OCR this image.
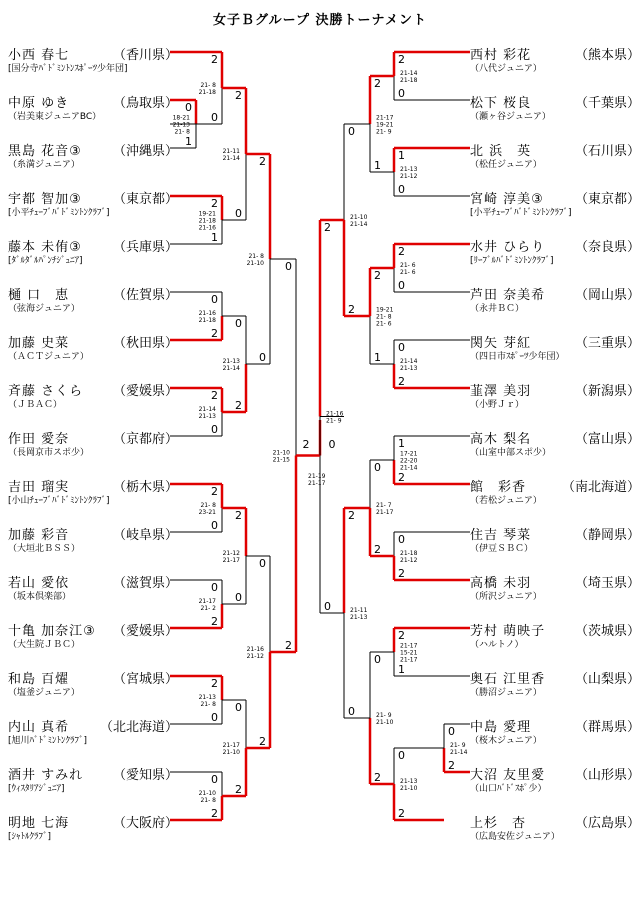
女子Ｂグループ 決勝トーナメント
小西 春七	（香川県）
[国分寺ﾊﾞﾄﾞﾐﾝﾄﾝｽﾎﾟｰﾂ少年団]
中原 ゆき	（鳥取県）
（岩美東ジュニアBC）
黒島 花音③ （沖縄県）
（糸満ジュニア）
宇都 智加③ （東京都）
[小平ﾁｭｰﾌﾞﾊﾞﾄﾞﾐﾝﾄﾝｸﾗﾌﾞ]
藤本 未侑③ （兵庫県）
[ﾀﾞﾙﾀﾞﾙﾊﾟﾝﾁｼﾞｭﾆｱ]
樋 口　恵	（佐賀県）
（弦海ジュニア）
加藤 史菜	（秋田県）
（ＡＣＴジュニア）
斉藤 さくら （愛媛県）
（ＪＢＡＣ）
作田 愛奈	（京都府）
（長岡京市スポ少）
吉田 瑠実	（栃木県）
[小山ﾁｭｰﾌﾞﾊﾞﾄﾞﾐﾝﾄﾝｸﾗﾌﾞ]
加藤 彩音	（岐阜県）
（大垣北ＢＳＳ）
若山 愛依	（滋賀県）
（坂本倶楽部）
十亀 加奈江③ （愛媛県）
（大生院ＪＢＣ）
和島 百燿	（宮城県）
（塩釜ジュニア）
内山 真希 （北北海道）
[旭川ﾊﾞﾄﾞﾐﾝﾄﾝｸﾗﾌﾞ]
酒井 すみれ （愛知県）
[ｳｨｽﾀﾘｱｼﾞｭﾆｱ]
明地 七海	（大阪府）
[ｼｬﾄﾙｸﾗﾌﾞ]
西村 彩花	（熊本県）
（八代ジュニア）
松下 桜良	（千葉県）
（瀬ヶ谷ジュニア）
北 浜　英	（石川県）
（松任ジュニア）
宮崎 淳美③ （東京都）
[小平ﾁｭｰﾌﾞﾊﾞﾄﾞﾐﾝﾄﾝｸﾗﾌﾞ]
水井 ひらり （奈良県）
[ﾘｰﾌﾞﾙﾊﾞﾄﾞﾐﾝﾄﾝｸﾗﾌﾞ]
芦田 奈美希 （岡山県）
（永井ＢＣ）
関矢 芽紅	（三重県）
（四日市ｽﾎﾟｰﾂ少年団）
韮澤 美羽	（新潟県）
（小野Ｊｒ）
高木 梨名	（富山県）
（山室中部スポ少）
館　彩香	（南北海道）
（若松ジュニア）
住吉 琴菜	（静岡県）
（伊豆ＳＢＣ）
高橋 未羽	（埼玉県）
（所沢ジュニア）
芳村 萌映子 （茨城県）
（ハルトノ）
奥石 江里香 （山梨県）
（勝沼ジュニア）
中島 愛理	（群馬県）
（桜木ジュニア）
大沼 友里愛 （山形県）
（山口ﾊﾞﾄﾞｽﾎﾟ少）
上杉　杏	（広島県）
（広島安佐ジュニア）
0
1
18-21
21-13
21- 8
2
0
21- 8
21-18
2
1
19-21
21-18
21-16
0
2
21-16
21-18
2
0
21-14
21-13
2
0
21- 8
23-21
0
2
21-17
21- 2
2
0
21-13
21- 8
0
2
21-10
21- 8
2
0
21-11
21-14
0
2
21-13
21-14
2
0
21-12
21-17
0
2
21-17
21-10
2
0
21- 8
21-10
0
2
21-16
21-12
0
2
21-10
21-15
0
2
21- 9
21-14
2
0
21-14
21-18
1
0
21-13
21-12
2
0
21- 6
21- 6
0
2
21-14
21-13
1
2
17-21
22-20
21-14
0
2
21-18
21-12
2
1
21-17
15-21
21-17
0
2
21-13
21-10
2
1
21-17
19-21
21- 9
2
1
19-21
21- 8
21- 6
0
2
21- 7
21-17
0
2
21- 9
21-10
0
2
21-10
21-14
2
0
21-11
21-13
2
0
21-16
21- 9
2 0
21-19
21-17
